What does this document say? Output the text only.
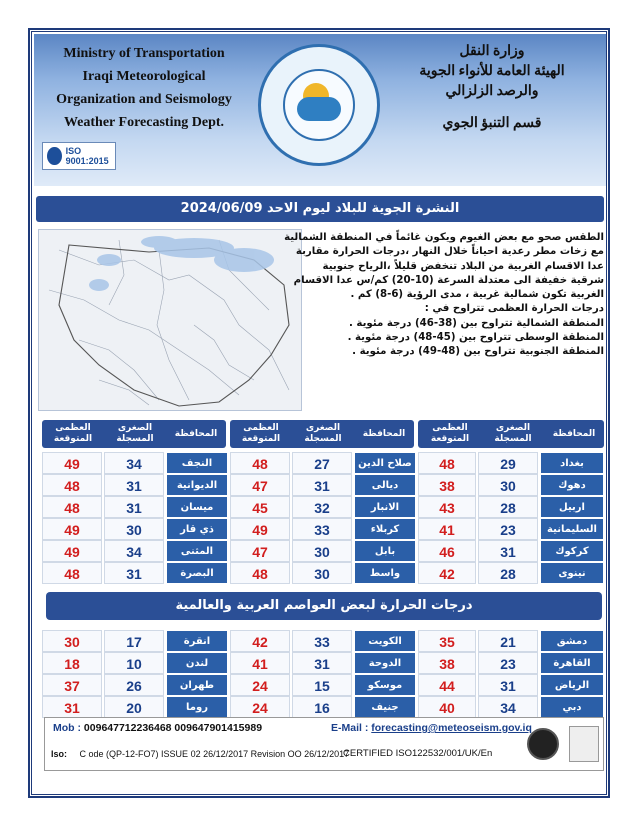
Ministry of Transportation
Iraqi Meteorological
Organization and Seismology
Weather Forecasting Dept.
ISO 9001:2015
وزارة النقل
الهيئة العامة للأنواء الجوية
والرصد الزلزالي
قسم التنبؤ الجوي
النشرة الجوية للبلاد ليوم الاحد 2024/06/09
الطقس صحو مع بعض الغيوم ويكون غائماً في المنطقة الشمالية
مع زخات مطر رعدية احياناً خلال النهار ،درجات الحرارة مقاربة
عدا الاقسام الغربية من البلاد تنخفض قليلاً ،الرياح جنوبية
شرقية خفيفة الى معتدلة السرعة (10-20) كم/س عدا الاقسام
الغربية تكون شمالية غربية ، مدى الرؤية (6-8) كم .
درجات الحرارة العظمى تتراوح في :
المنطقة الشمالية تتراوح بين (38-46) درجة مئوية .
المنطقة الوسطى تتراوح بين (45-48) درجة مئوية .
المنطقة الجنوبية تتراوح بين (48-49) درجة مئوية .
المحافظة
الصغرى
المسجلة
العظمى
المتوقعة
المحافظة
الصغرى
المسجلة
العظمى
المتوقعة
المحافظة
الصغرى
المسجلة
العظمى
المتوقعة
بغداد
29
48
صلاح الدين
27
48
النجف
34
49
دهوك
30
38
ديالى
31
47
الديوانية
31
48
اربيل
28
43
الانبار
32
45
ميسان
31
48
السليمانية
23
41
كربلاء
33
49
ذي قار
30
49
كركوك
31
46
بابل
30
47
المثنى
34
49
نينوى
28
42
واسط
30
48
البصرة
31
48
درجات الحرارة لبعض العواصم العربية والعالمية
دمشق
21
35
الكويت
33
42
انقرة
17
30
القاهرة
23
38
الدوحة
31
41
لندن
10
18
الرياض
31
44
موسكو
15
24
طهران
26
37
دبي
34
40
جنيف
16
24
روما
20
31
Mob : 009647712236468 009647901415989	E-Mail : forecasting@meteoseism.gov.iq
Iso: C ode (QP-12-FO7) ISSUE 02 26/12/2017 Revision OO 26/12/2017
CERTIFIED ISO122532/001/UK/En
